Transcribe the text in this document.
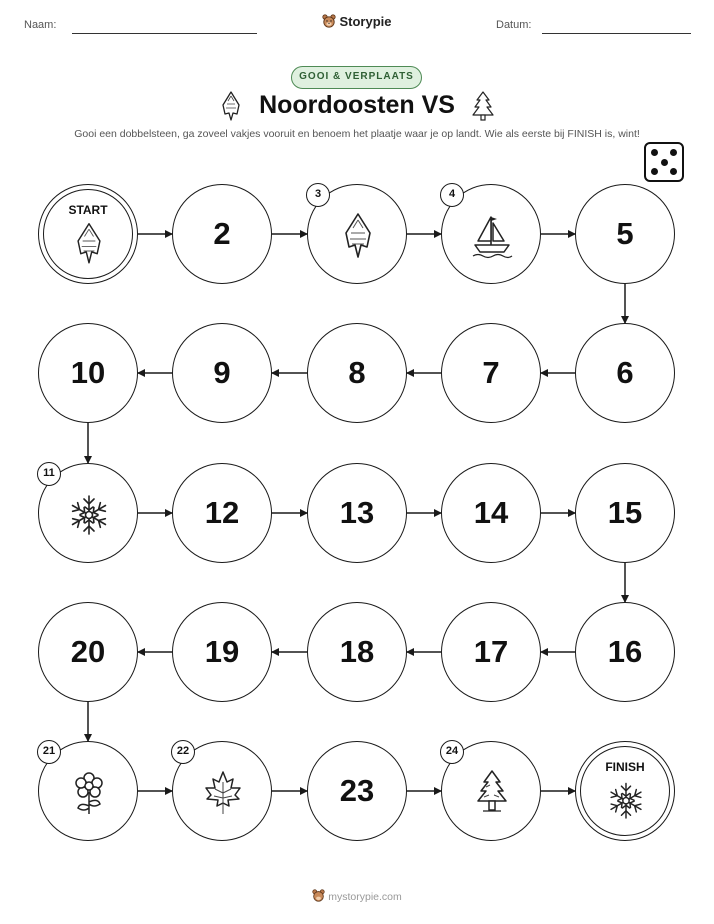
Naam:	Storypie	Datum:
GOOI & VERPLAATS
Noordoosten VS
Gooi een dobbelsteen, ga zoveel vakjes vooruit en benoem het plaatje waar je op landt. Wie als eerste bij FINISH is, wint!
START
2
3	4
5
6
7
8
9
10
11
12	13	14	15
16
17
18
19
20
21	22
23
24
FINISH
mystorypie.com
